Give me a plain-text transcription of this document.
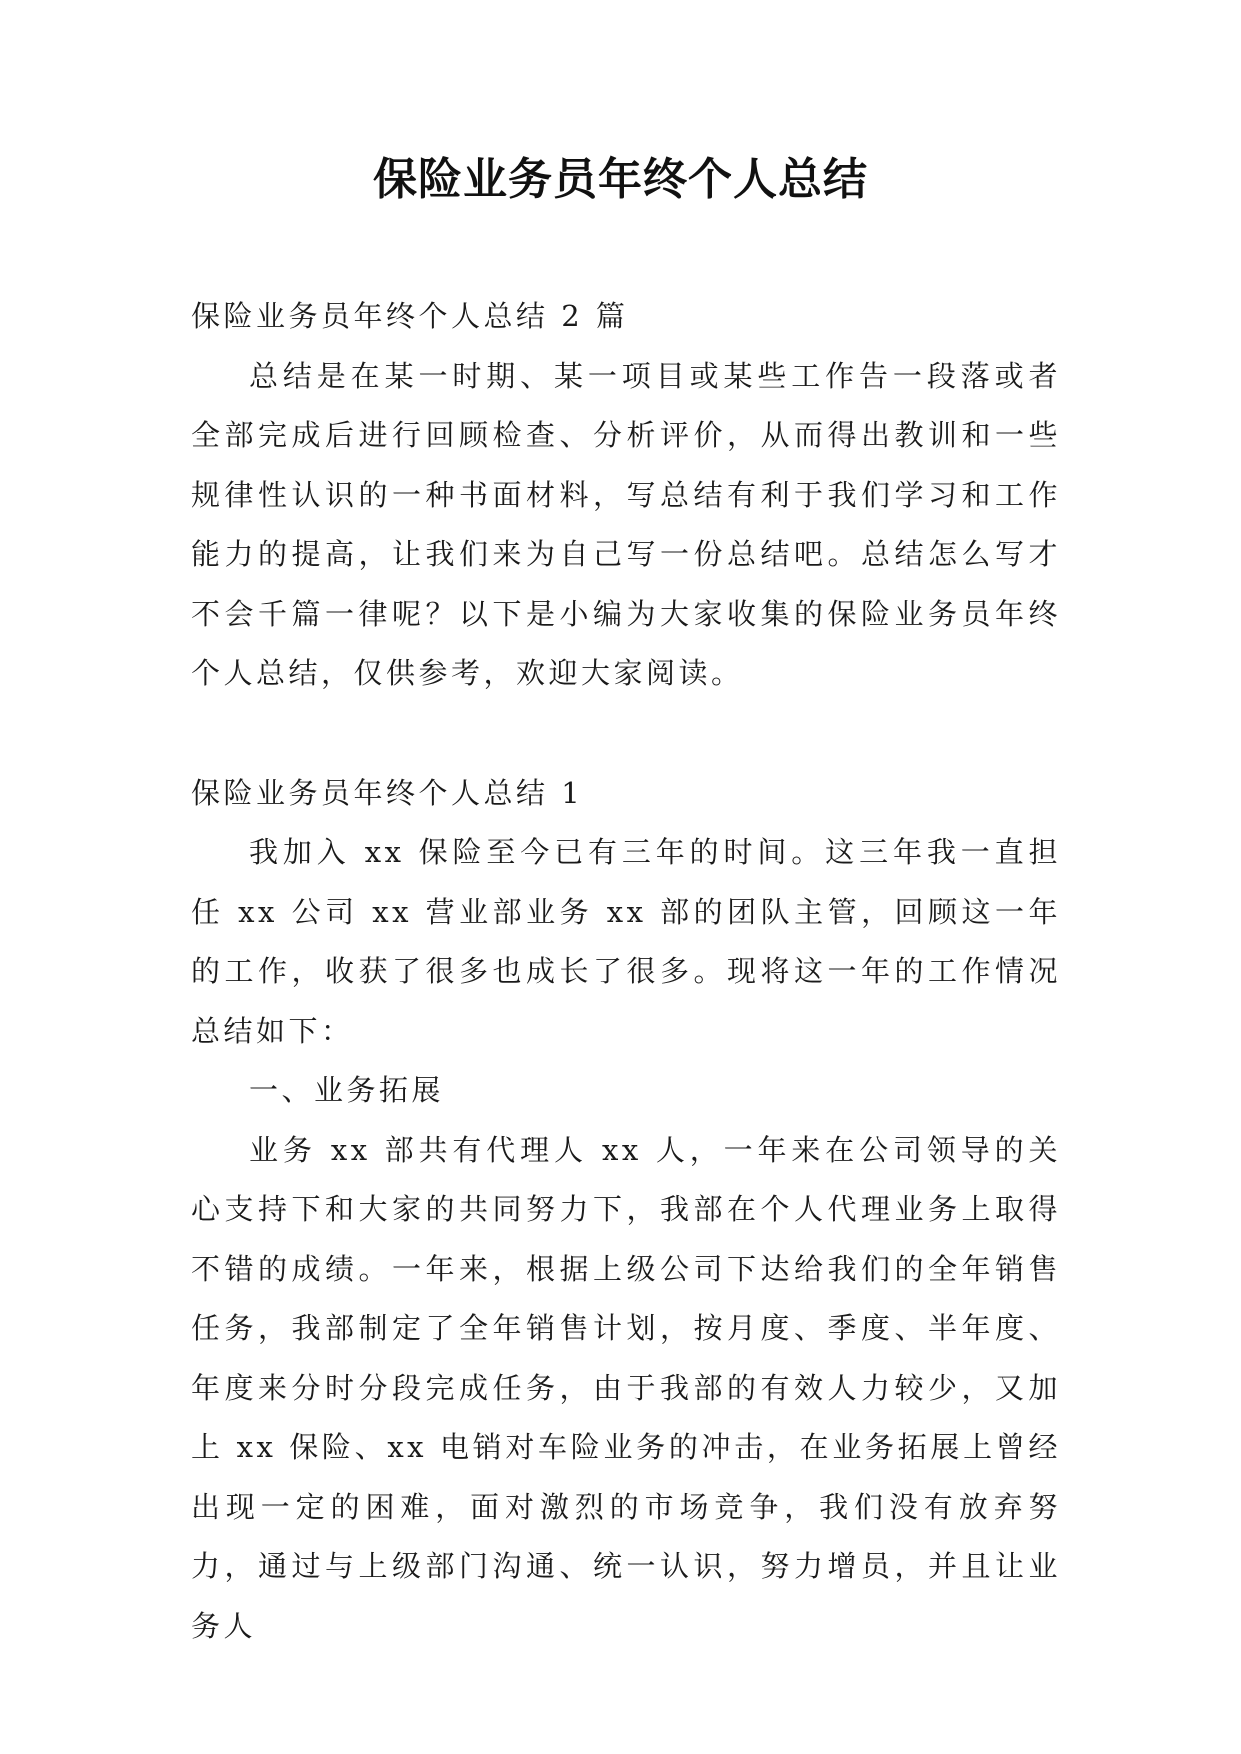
保险业务员年终个人总结

保险业务员年终个人总结 2 篇

总结是在某一时期、某一项目或某些工作告一段落或者全部完成后进行回顾检查、分析评价，从而得出教训和一些规律性认识的一种书面材料，写总结有利于我们学习和工作能力的提高，让我们来为自己写一份总结吧。总结怎么写才不会千篇一律呢？以下是小编为大家收集的保险业务员年终个人总结，仅供参考，欢迎大家阅读。

保险业务员年终个人总结 1

我加入 xx 保险至今已有三年的时间。这三年我一直担任 xx 公司 xx 营业部业务 xx 部的团队主管，回顾这一年的工作，收获了很多也成长了很多。现将这一年的工作情况总结如下：

一、业务拓展

业务 xx 部共有代理人 xx 人，一年来在公司领导的关心支持下和大家的共同努力下，我部在个人代理业务上取得不错的成绩。一年来，根据上级公司下达给我们的全年销售任务，我部制定了全年销售计划，按月度、季度、半年度、年度来分时分段完成任务，由于我部的有效人力较少，又加上 xx 保险、xx 电销对车险业务的冲击，在业务拓展上曾经出现一定的困难，面对激烈的市场竞争，我们没有放弃努力，通过与上级部门沟通、统一认识，努力增员，并且让业务人
